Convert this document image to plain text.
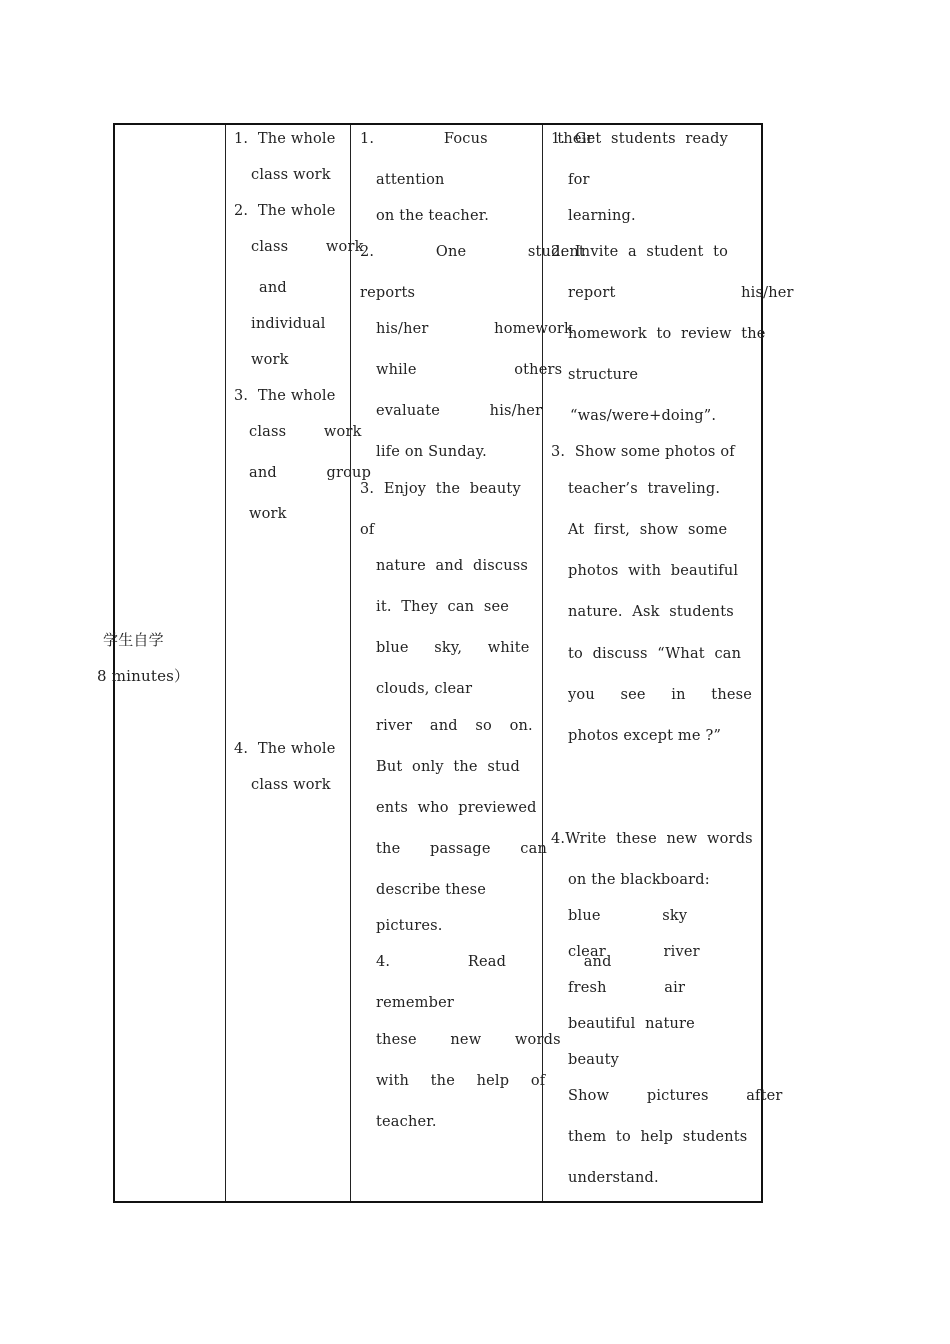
学生自学
8 minutes）
1.  The whole
class work
2.  The whole
class  work
and
individual
work
3.  The whole
class  work
and  group
work
4.  The whole
class work
1.  Focus  their
attention
on the teacher.
2.  One  student
reports
his/her  homework
while  others
evaluate  his/her
life on Sunday.
3.  Enjoy  the  beauty
of
nature  and  discuss
it.  They  can  see
blue  sky,  white
clouds, clear
river  and  so  on.
But  only  the  stud
ents  who  previewed
the  passage  can
describe these
pictures.
4.  Read  and
remember
these  new  words
with  the  help  of
teacher.
1.  Get  students  ready
for
learning.
2.  Invite  a  student  to
report  his/her
homework  to  review  the
structure
“was/were+doing”.
3.  Show some photos of
teacher’s  traveling.
At  first,  show  some
photos  with  beautiful
nature.  Ask  students
to  discuss  “What  can
you  see  in  these
photos except me ?”
4.Write  these  new  words
on the blackboard:
blue  sky
clear  river
fresh  air
beautiful  nature
beauty
Show  pictures  after
them  to  help  students
understand.
